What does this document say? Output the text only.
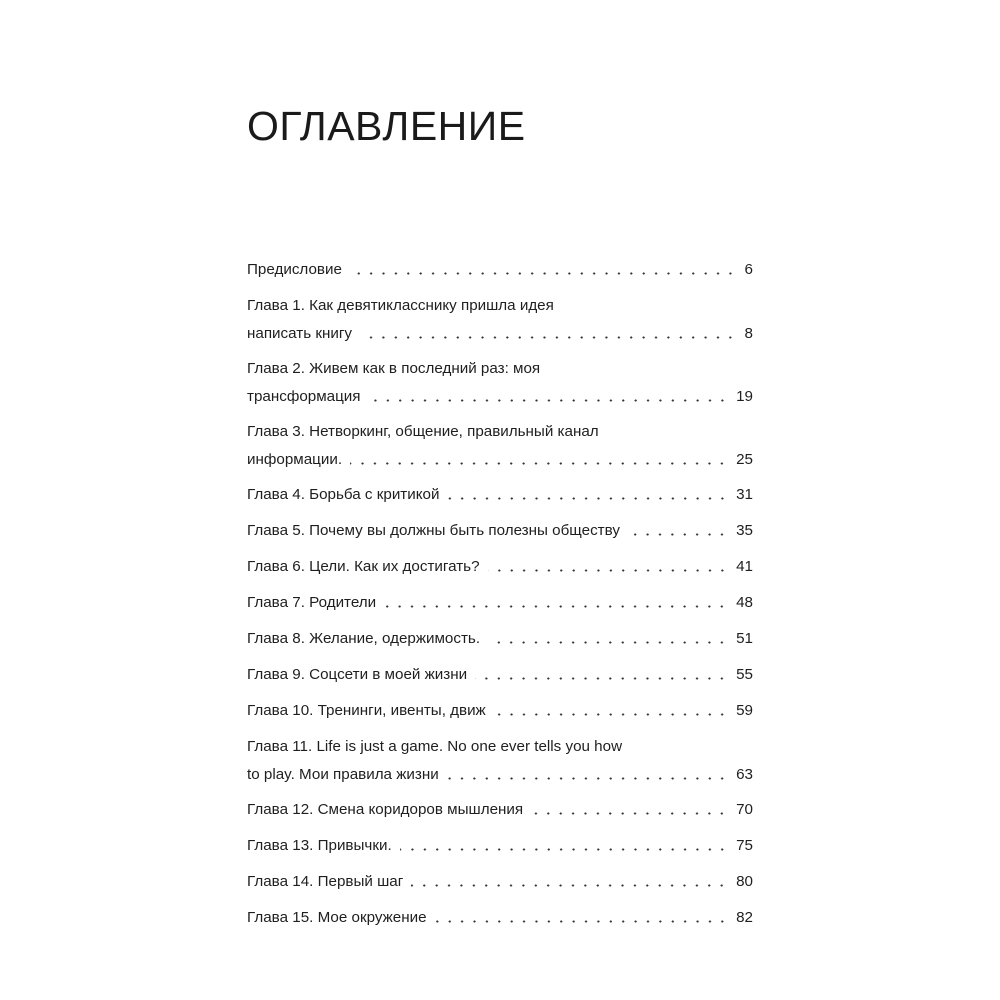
ОГЛАВЛЕНИЕ
Предисловие	6
Глава 1. Как девятикласснику пришла идея
написать книгу	8
Глава 2. Живем как в последний раз: моя
трансформация	19
Глава 3. Нетворкинг, общение, правильный канал
информации.	25
Глава 4. Борьба с критикой	31
Глава 5. Почему вы должны быть полезны обществу	35
Глава 6. Цели. Как их достигать?	41
Глава 7. Родители	48
Глава 8. Желание, одержимость.	51
Глава 9. Соцсети в моей жизни	55
Глава 10. Тренинги, ивенты, движ	59
Глава 11. Life is just a game. No one ever tells you how
to play. Мои правила жизни	63
Глава 12. Смена коридоров мышления	70
Глава 13. Привычки.	75
Глава 14. Первый шаг	80
Глава 15. Мое окружение	82
